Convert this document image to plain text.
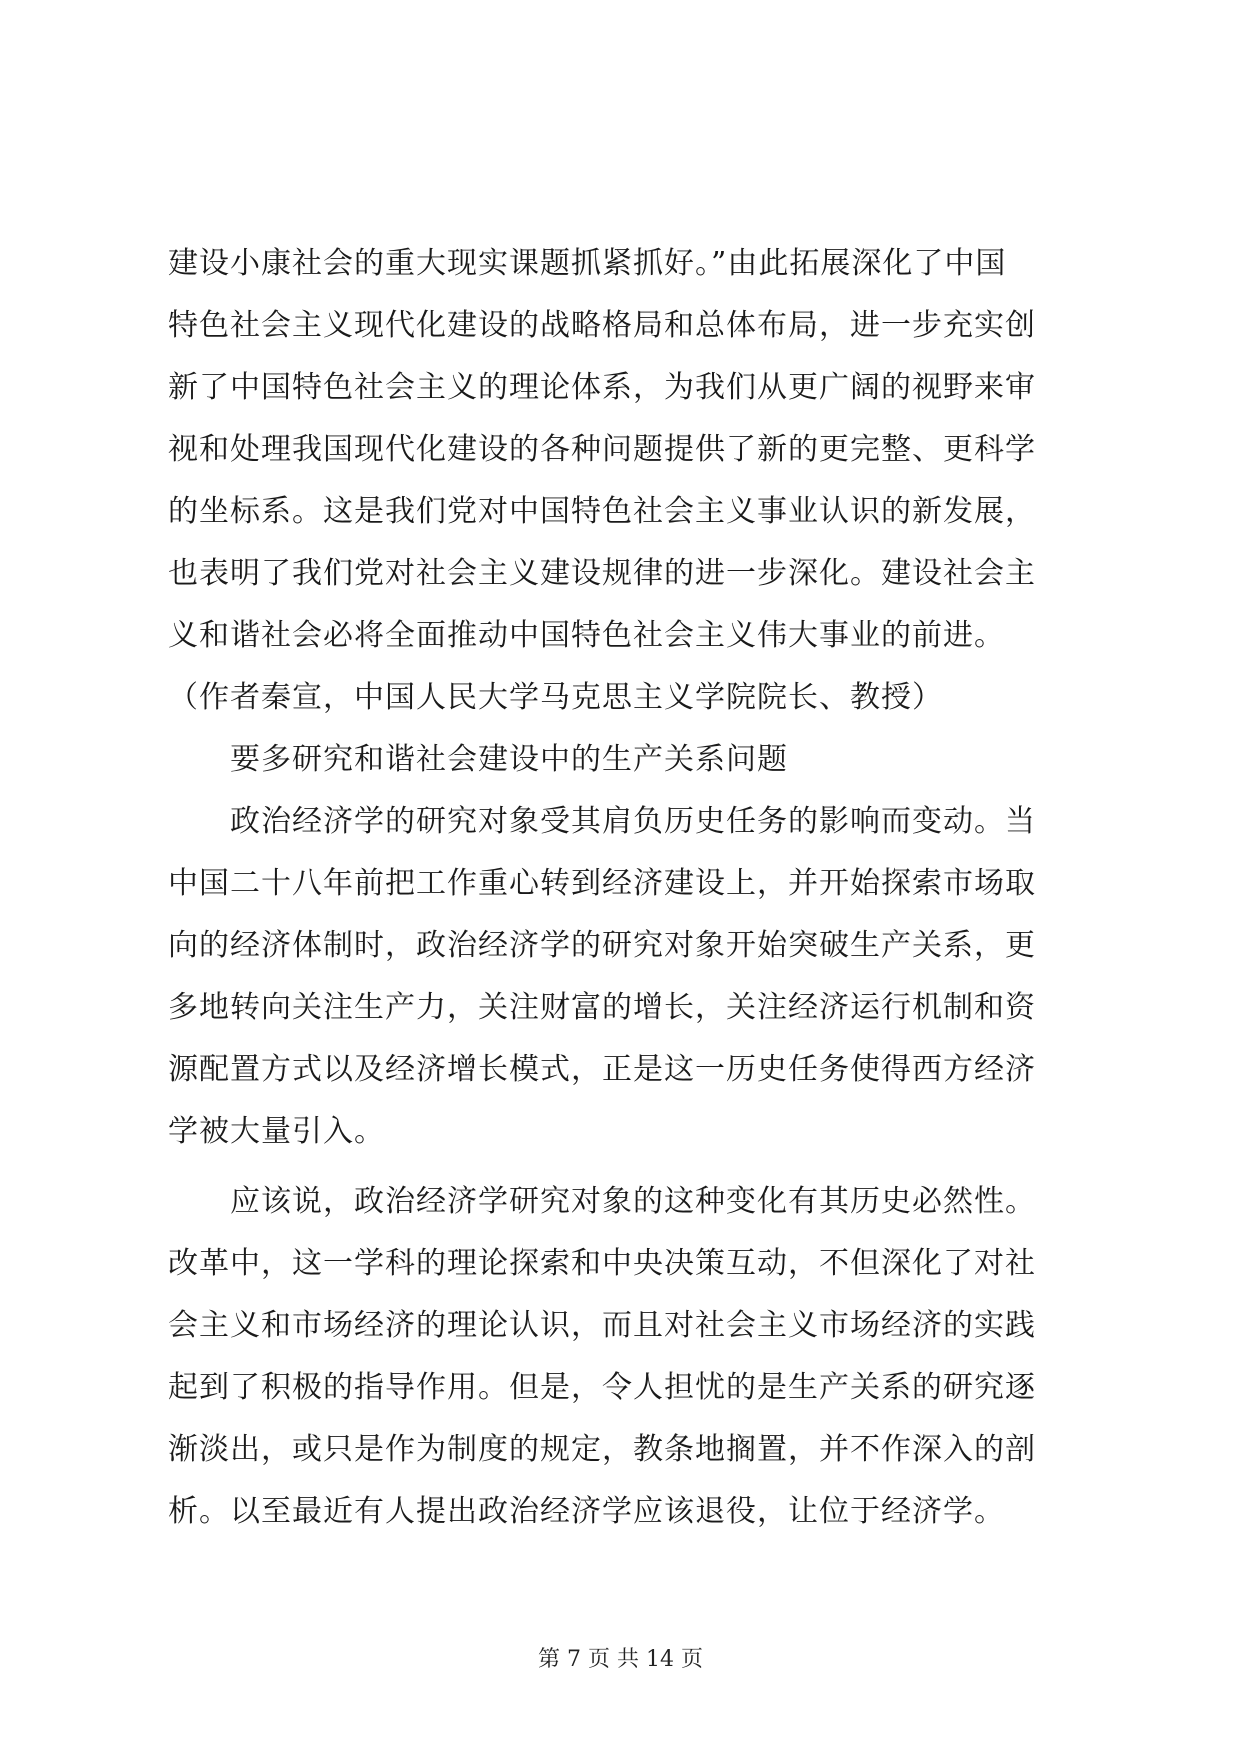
建设小康社会的重大现实课题抓紧抓好。”由此拓展深化了中国
特色社会主义现代化建设的战略格局和总体布局，进一步充实创
新了中国特色社会主义的理论体系，为我们从更广阔的视野来审
视和处理我国现代化建设的各种问题提供了新的更完整、更科学
的坐标系。这是我们党对中国特色社会主义事业认识的新发展，
也表明了我们党对社会主义建设规律的进一步深化。建设社会主
义和谐社会必将全面推动中国特色社会主义伟大事业的前进。
（作者秦宣，中国人民大学马克思主义学院院长、教授）
要多研究和谐社会建设中的生产关系问题
政治经济学的研究对象受其肩负历史任务的影响而变动。当
中国二十八年前把工作重心转到经济建设上，并开始探索市场取
向的经济体制时，政治经济学的研究对象开始突破生产关系，更
多地转向关注生产力，关注财富的增长，关注经济运行机制和资
源配置方式以及经济增长模式，正是这一历史任务使得西方经济
学被大量引入。
应该说，政治经济学研究对象的这种变化有其历史必然性。
改革中，这一学科的理论探索和中央决策互动，不但深化了对社
会主义和市场经济的理论认识，而且对社会主义市场经济的实践
起到了积极的指导作用。但是，令人担忧的是生产关系的研究逐
渐淡出，或只是作为制度的规定，教条地搁置，并不作深入的剖
析。以至最近有人提出政治经济学应该退役，让位于经济学。
第 7 页 共 14 页
